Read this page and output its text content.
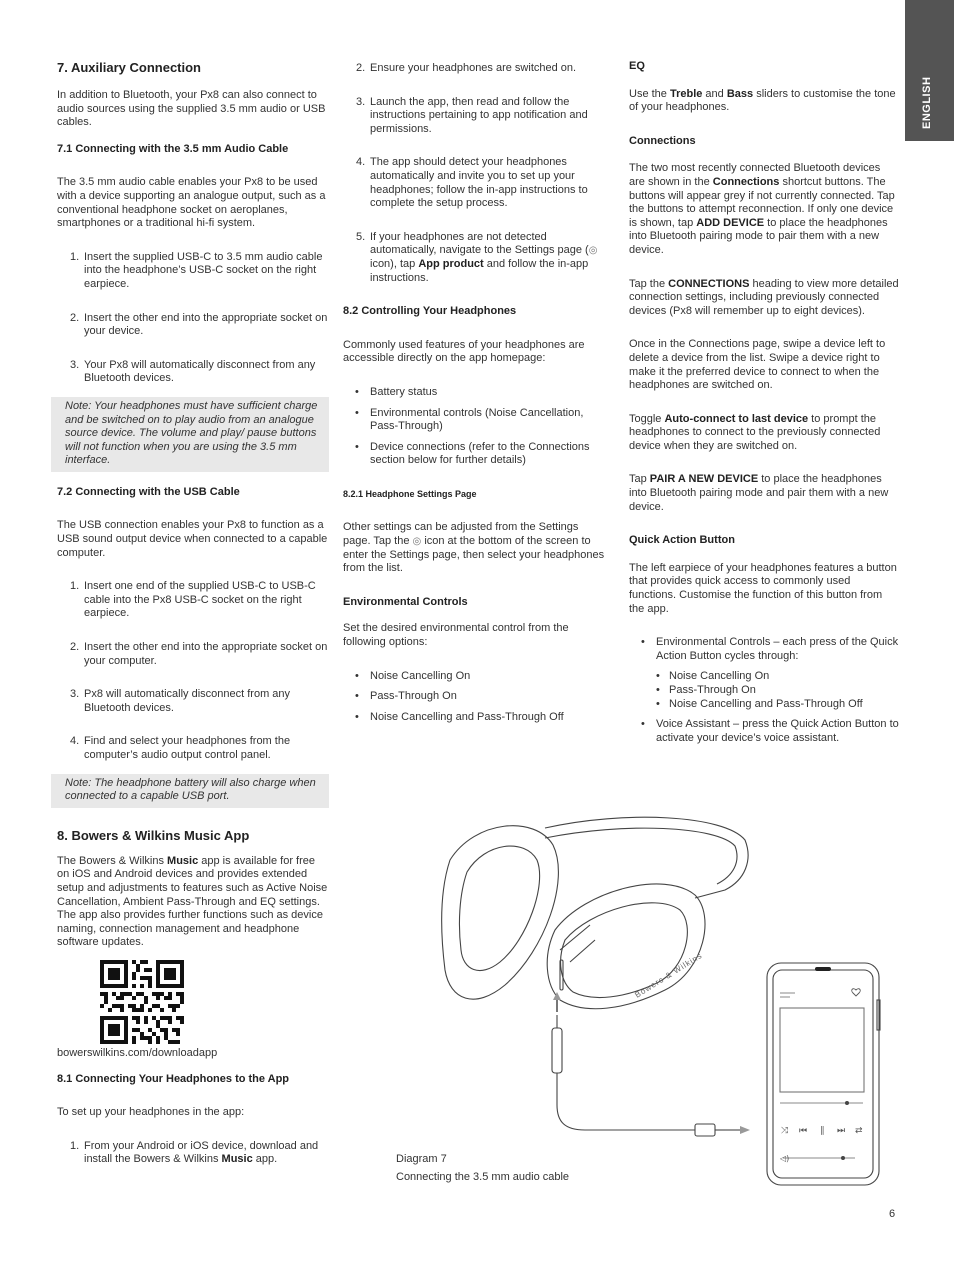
ENGLISH
7. Auxiliary Connection

In addition to Bluetooth, your Px8 can also connect to audio sources using the supplied 3.5 mm audio or USB cables.

7.1 Connecting with the 3.5 mm Audio Cable

The 3.5 mm audio cable enables your Px8 to be used with a device supporting an analogue output, such as a conventional headphone socket on aeroplanes, smartphones or a traditional hi-fi system.

1. Insert the supplied USB-C to 3.5 mm audio cable into the headphone’s USB-C socket on the right earpiece.
2. Insert the other end into the appropriate socket on your device.
3. Your Px8 will automatically disconnect from any Bluetooth devices.
Note: Your headphones must have sufficient charge and be switched on to play audio from an analogue source device. The volume and play/ pause buttons will not function when you are using the 3.5 mm interface.
7.2 Connecting with the USB Cable

The USB connection enables your Px8 to function as a USB sound output device when connected to a capable computer.

1. Insert one end of the supplied USB-C to USB-C cable into the Px8 USB-C socket on the right earpiece.
2. Insert the other end into the appropriate socket on your computer.
3. Px8 will automatically disconnect from any Bluetooth devices.
4. Find and select your headphones from the computer’s audio output control panel.
Note: The headphone battery will also charge when connected to a capable USB port.
8. Bowers & Wilkins Music App

The Bowers & Wilkins Music app is available for free on iOS and Android devices and provides extended setup and adjustments to features such as Active Noise Cancellation, Ambient Pass-Through and EQ settings. The app also provides further functions such as device naming, connection management and headphone software updates.

bowerswilkins.com/downloadapp

8.1 Connecting Your Headphones to the App

To set up your headphones in the app:

1. From your Android or iOS device, download and install the Bowers & Wilkins Music app.
2. Ensure your headphones are switched on.
3. Launch the app, then read and follow the instructions pertaining to app notification and permissions.
4. The app should detect your headphones automatically and invite you to set up your headphones; follow the in-app instructions to complete the setup process.
5. If your headphones are not detected automatically, navigate to the Settings page (◎ icon), tap App product and follow the in-app instructions.
8.2 Controlling Your Headphones

Commonly used features of your headphones are accessible directly on the app homepage:

• Battery status
• Environmental controls (Noise Cancellation, Pass-Through)
• Device connections (refer to the Connections section below for further details)
8.2.1 Headphone Settings Page

Other settings can be adjusted from the Settings page. Tap the ◎ icon at the bottom of the screen to enter the Settings page, then select your headphones from the list.

Environmental Controls

Set the desired environmental control from the following options:

• Noise Cancelling On
• Pass-Through On
• Noise Cancelling and Pass-Through Off
EQ

Use the Treble and Bass sliders to customise the tone of your headphones.

Connections

The two most recently connected Bluetooth devices are shown in the Connections shortcut buttons. The buttons will appear grey if not currently connected. Tap the buttons to attempt reconnection. If only one device is shown, tap ADD DEVICE to place the headphones into Bluetooth pairing mode to pair them with a new device.

Tap the CONNECTIONS heading to view more detailed connection settings, including previously connected devices (Px8 will remember up to eight devices).

Once in the Connections page, swipe a device left to delete a device from the list. Swipe a device right to make it the preferred device to connect to when the headphones are switched on.

Toggle Auto-connect to last device to prompt the headphones to connect to the previously connected device when they are switched on.

Tap PAIR A NEW DEVICE to place the headphones into Bluetooth pairing mode and pair them with a new device.

Quick Action Button

The left earpiece of your headphones features a button that provides quick access to commonly used functions. Customise the function of this button from the app.

• Environmental Controls – each press of the Quick Action Button cycles through:
• Noise Cancelling On
• Pass-Through On
• Noise Cancelling and Pass-Through Off
• Voice Assistant – press the Quick Action Button to activate your device’s voice assistant.
⤨ ⏮ ∥ ⏭ ⇄
◁)
Bowers & Wilkins

Diagram 7

Connecting the 3.5 mm audio cable

6
